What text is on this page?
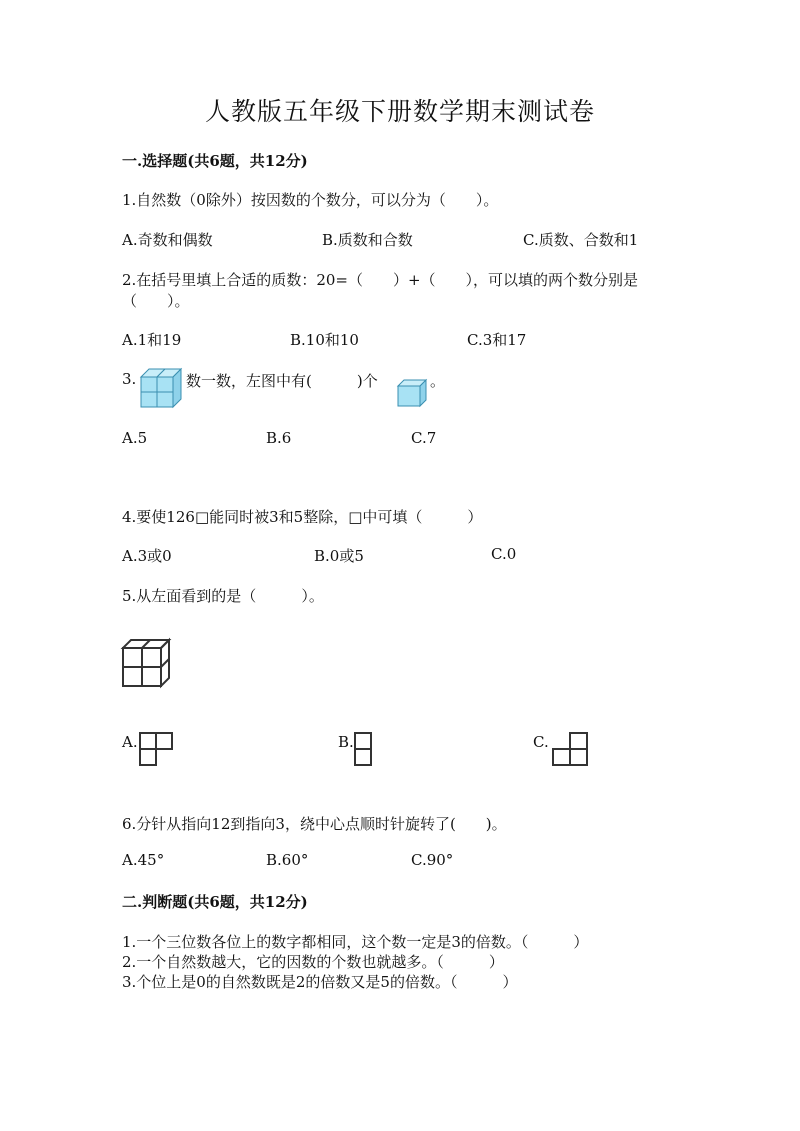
人教版五年级下册数学期末测试卷
一.选择题(共6题，共12分)
1.自然数（0除外）按因数的个数分，可以分为（　　）。
A.奇数和偶数	B.质数和合数	C.质数、合数和1
2.在括号里填上合适的质数：20=（　　）+（　　），可以填的两个数分别是
（　　）。
A.1和19	B.10和10	C.3和17
3.	数一数，左图中有(　　　)个	。
A.5	B.6	C.7
4.要使126□能同时被3和5整除，□中可填（　　　）
A.3或0	B.0或5	C.0
5.从左面看到的是（　　　）。
A.	B.	C.
6.分针从指向12到指向3，绕中心点顺时针旋转了(　　)。
A.45°	B.60°	C.90°
二.判断题(共6题，共12分)
1.一个三位数各位上的数字都相同，这个数一定是3的倍数。（　　　）
2.一个自然数越大，它的因数的个数也就越多。（　　　）
3.个位上是0的自然数既是2的倍数又是5的倍数。（　　　）
